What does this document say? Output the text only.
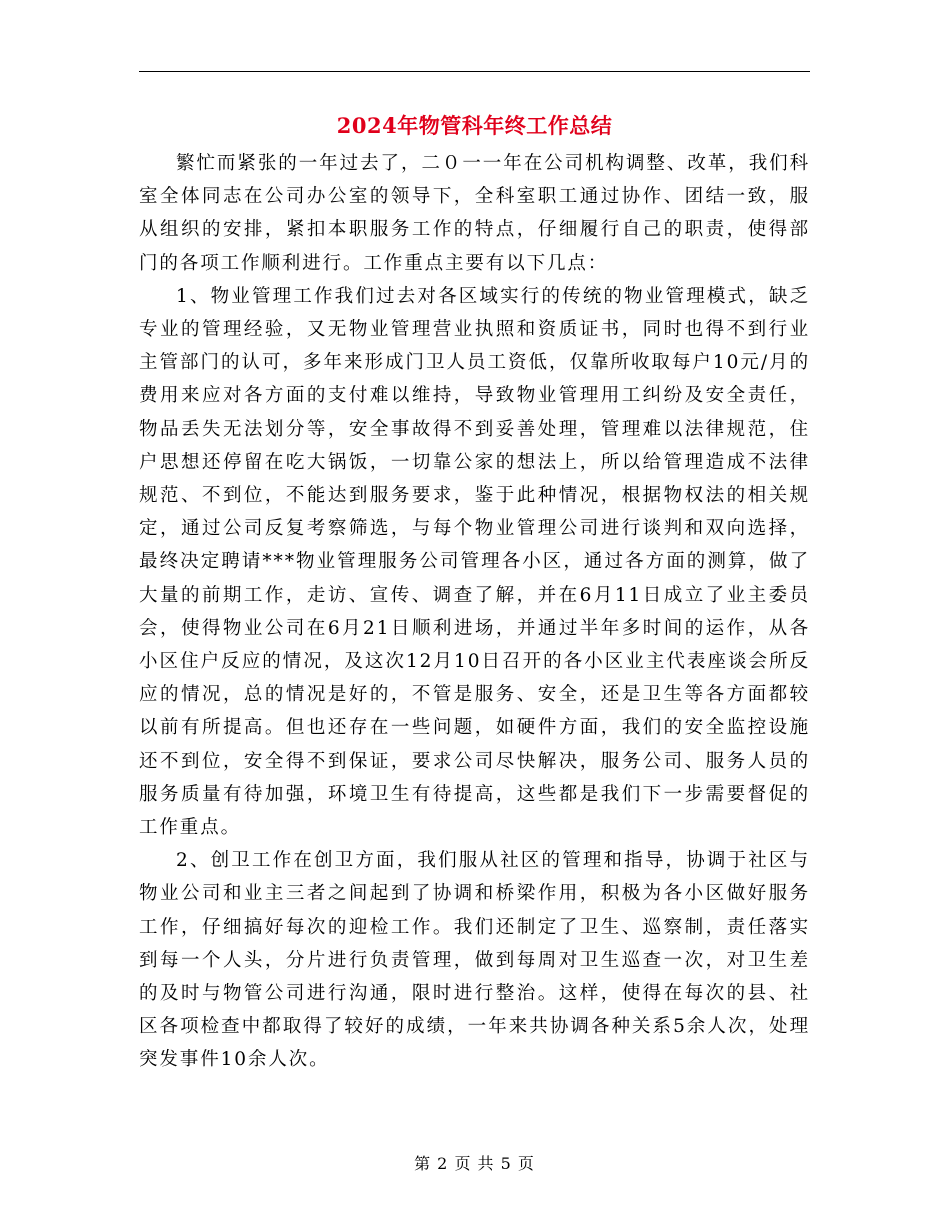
2024年物管科年终工作总结

繁忙而紧张的一年过去了，二０一一年在公司机构调整、改革，我们科室全体同志在公司办公室的领导下，全科室职工通过协作、团结一致，服从组织的安排，紧扣本职服务工作的特点，仔细履行自己的职责，使得部门的各项工作顺利进行。工作重点主要有以下几点：

1、物业管理工作我们过去对各区域实行的传统的物业管理模式，缺乏专业的管理经验，又无物业管理营业执照和资质证书，同时也得不到行业主管部门的认可，多年来形成门卫人员工资低，仅靠所收取每户10元/月的费用来应对各方面的支付难以维持，导致物业管理用工纠纷及安全责任，物品丢失无法划分等，安全事故得不到妥善处理，管理难以法律规范，住户思想还停留在吃大锅饭，一切靠公家的想法上，所以给管理造成不法律规范、不到位，不能达到服务要求，鉴于此种情况，根据物权法的相关规定，通过公司反复考察筛选，与每个物业管理公司进行谈判和双向选择，最终决定聘请***物业管理服务公司管理各小区，通过各方面的测算，做了大量的前期工作，走访、宣传、调查了解，并在6月11日成立了业主委员会，使得物业公司在6月21日顺利进场，并通过半年多时间的运作，从各小区住户反应的情况，及这次12月10日召开的各小区业主代表座谈会所反应的情况，总的情况是好的，不管是服务、安全，还是卫生等各方面都较以前有所提高。但也还存在一些问题，如硬件方面，我们的安全监控设施还不到位，安全得不到保证，要求公司尽快解决，服务公司、服务人员的服务质量有待加强，环境卫生有待提高，这些都是我们下一步需要督促的工作重点。

2、创卫工作在创卫方面，我们服从社区的管理和指导，协调于社区与物业公司和业主三者之间起到了协调和桥梁作用，积极为各小区做好服务工作，仔细搞好每次的迎检工作。我们还制定了卫生、巡察制，责任落实到每一个人头，分片进行负责管理，做到每周对卫生巡查一次，对卫生差的及时与物管公司进行沟通，限时进行整治。这样，使得在每次的县、社区各项检查中都取得了较好的成绩，一年来共协调各种关系5余人次，处理突发事件10余人次。

第 2 页 共 5 页
